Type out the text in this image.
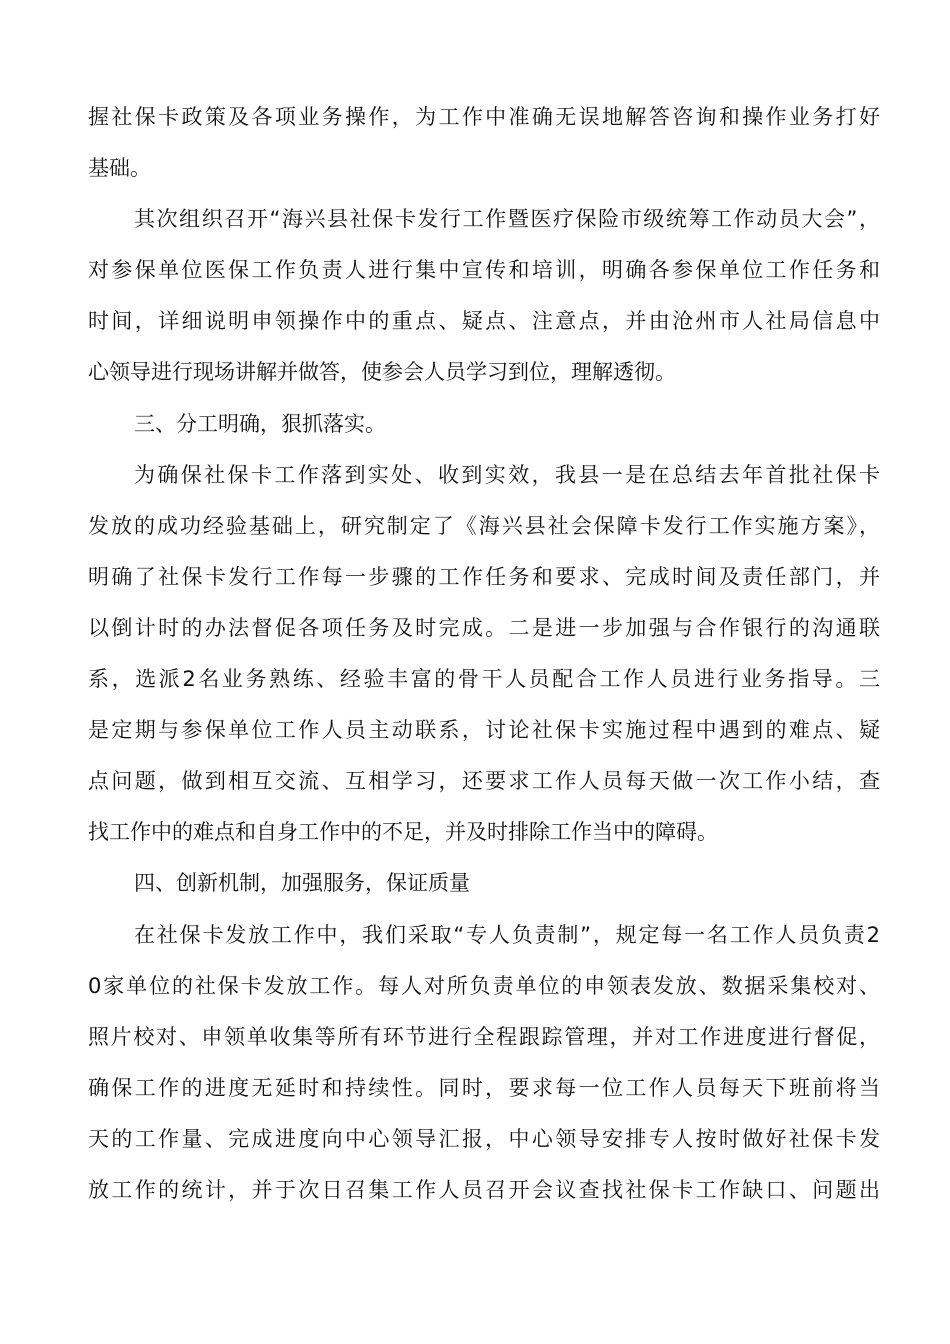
握社保卡政策及各项业务操作，为工作中准确无误地解答咨询和操作业务打好
基础。
其次组织召开“海兴县社保卡发行工作暨医疗保险市级统筹工作动员大会”，
对参保单位医保工作负责人进行集中宣传和培训，明确各参保单位工作任务和
时间，详细说明申领操作中的重点、疑点、注意点，并由沧州市人社局信息中
心领导进行现场讲解并做答，使参会人员学习到位，理解透彻。
三、分工明确，狠抓落实。
为确保社保卡工作落到实处、收到实效，我县一是在总结去年首批社保卡
发放的成功经验基础上，研究制定了《海兴县社会保障卡发行工作实施方案》，
明确了社保卡发行工作每一步骤的工作任务和要求、完成时间及责任部门，并
以倒计时的办法督促各项任务及时完成。二是进一步加强与合作银行的沟通联
系，选派2名业务熟练、经验丰富的骨干人员配合工作人员进行业务指导。三
是定期与参保单位工作人员主动联系，讨论社保卡实施过程中遇到的难点、疑
点问题，做到相互交流、互相学习，还要求工作人员每天做一次工作小结，查
找工作中的难点和自身工作中的不足，并及时排除工作当中的障碍。
四、创新机制，加强服务，保证质量
在社保卡发放工作中，我们采取“专人负责制”，规定每一名工作人员负责2
0家单位的社保卡发放工作。每人对所负责单位的申领表发放、数据采集校对、
照片校对、申领单收集等所有环节进行全程跟踪管理，并对工作进度进行督促，
确保工作的进度无延时和持续性。同时，要求每一位工作人员每天下班前将当
天的工作量、完成进度向中心领导汇报，中心领导安排专人按时做好社保卡发
放工作的统计，并于次日召集工作人员召开会议查找社保卡工作缺口、问题出
